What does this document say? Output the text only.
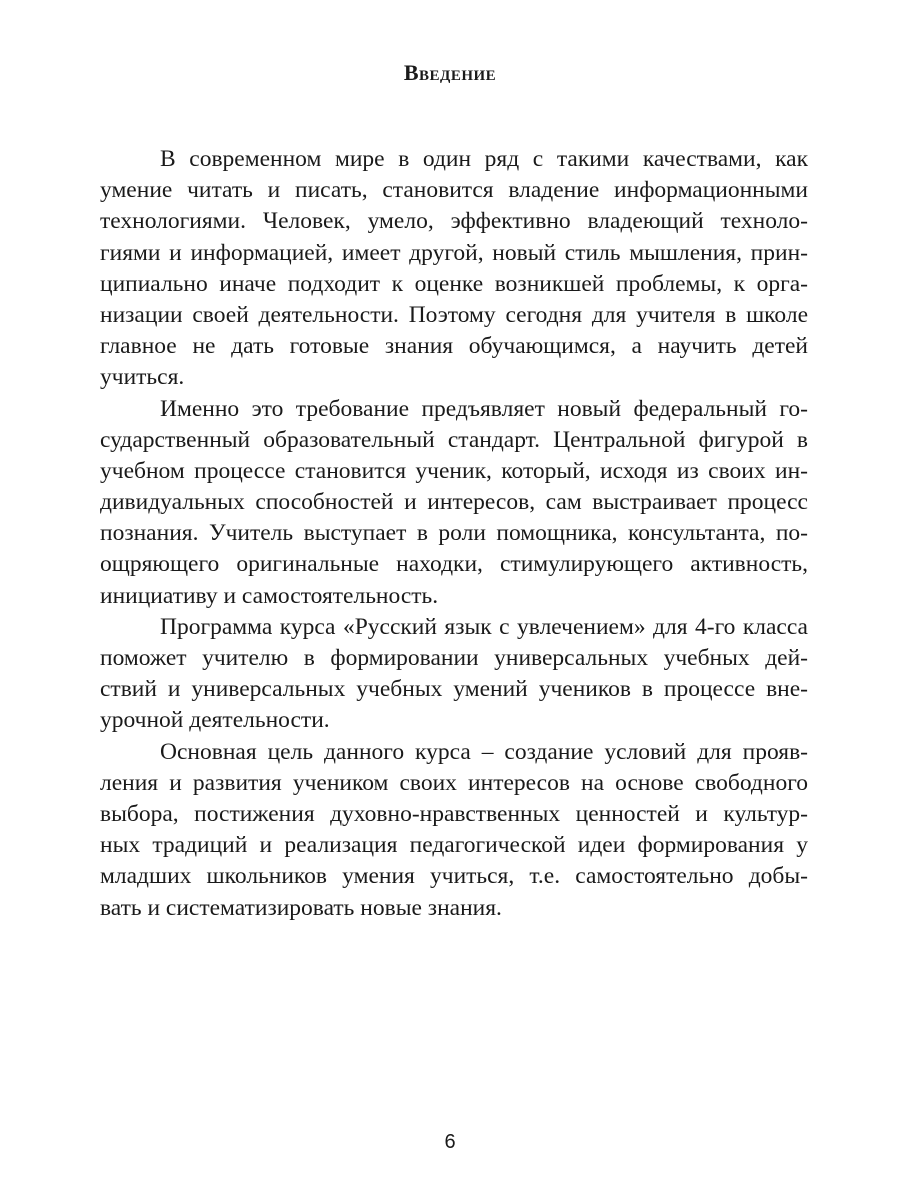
Введение
В современном мире в один ряд с такими качествами, как
умение читать и писать, становится владение информационными
технологиями. Человек, умело, эффективно владеющий техноло-
гиями и информацией, имеет другой, новый стиль мышления, прин-
ципиально иначе подходит к оценке возникшей проблемы, к орга-
низации своей деятельности. Поэтому сегодня для учителя в школе
главное не дать готовые знания обучающимся, а научить детей
учиться.
Именно это требование предъявляет новый федеральный го-
сударственный образовательный стандарт. Центральной фигурой в
учебном процессе становится ученик, который, исходя из своих ин-
дивидуальных способностей и интересов, сам выстраивает процесс
познания. Учитель выступает в роли помощника, консультанта, по-
ощряющего оригинальные находки, стимулирующего активность,
инициативу и самостоятельность.
Программа курса «Русский язык с увлечением» для 4-го класса
поможет учителю в формировании универсальных учебных дей-
ствий и универсальных учебных умений учеников в процессе вне-
урочной деятельности.
Основная цель данного курса – создание условий для прояв-
ления и развития учеником своих интересов на основе свободного
выбора, постижения духовно-нравственных ценностей и культур-
ных традиций и реализация педагогической идеи формирования у
младших школьников умения учиться, т.е. самостоятельно добы-
вать и систематизировать новые знания.
6
